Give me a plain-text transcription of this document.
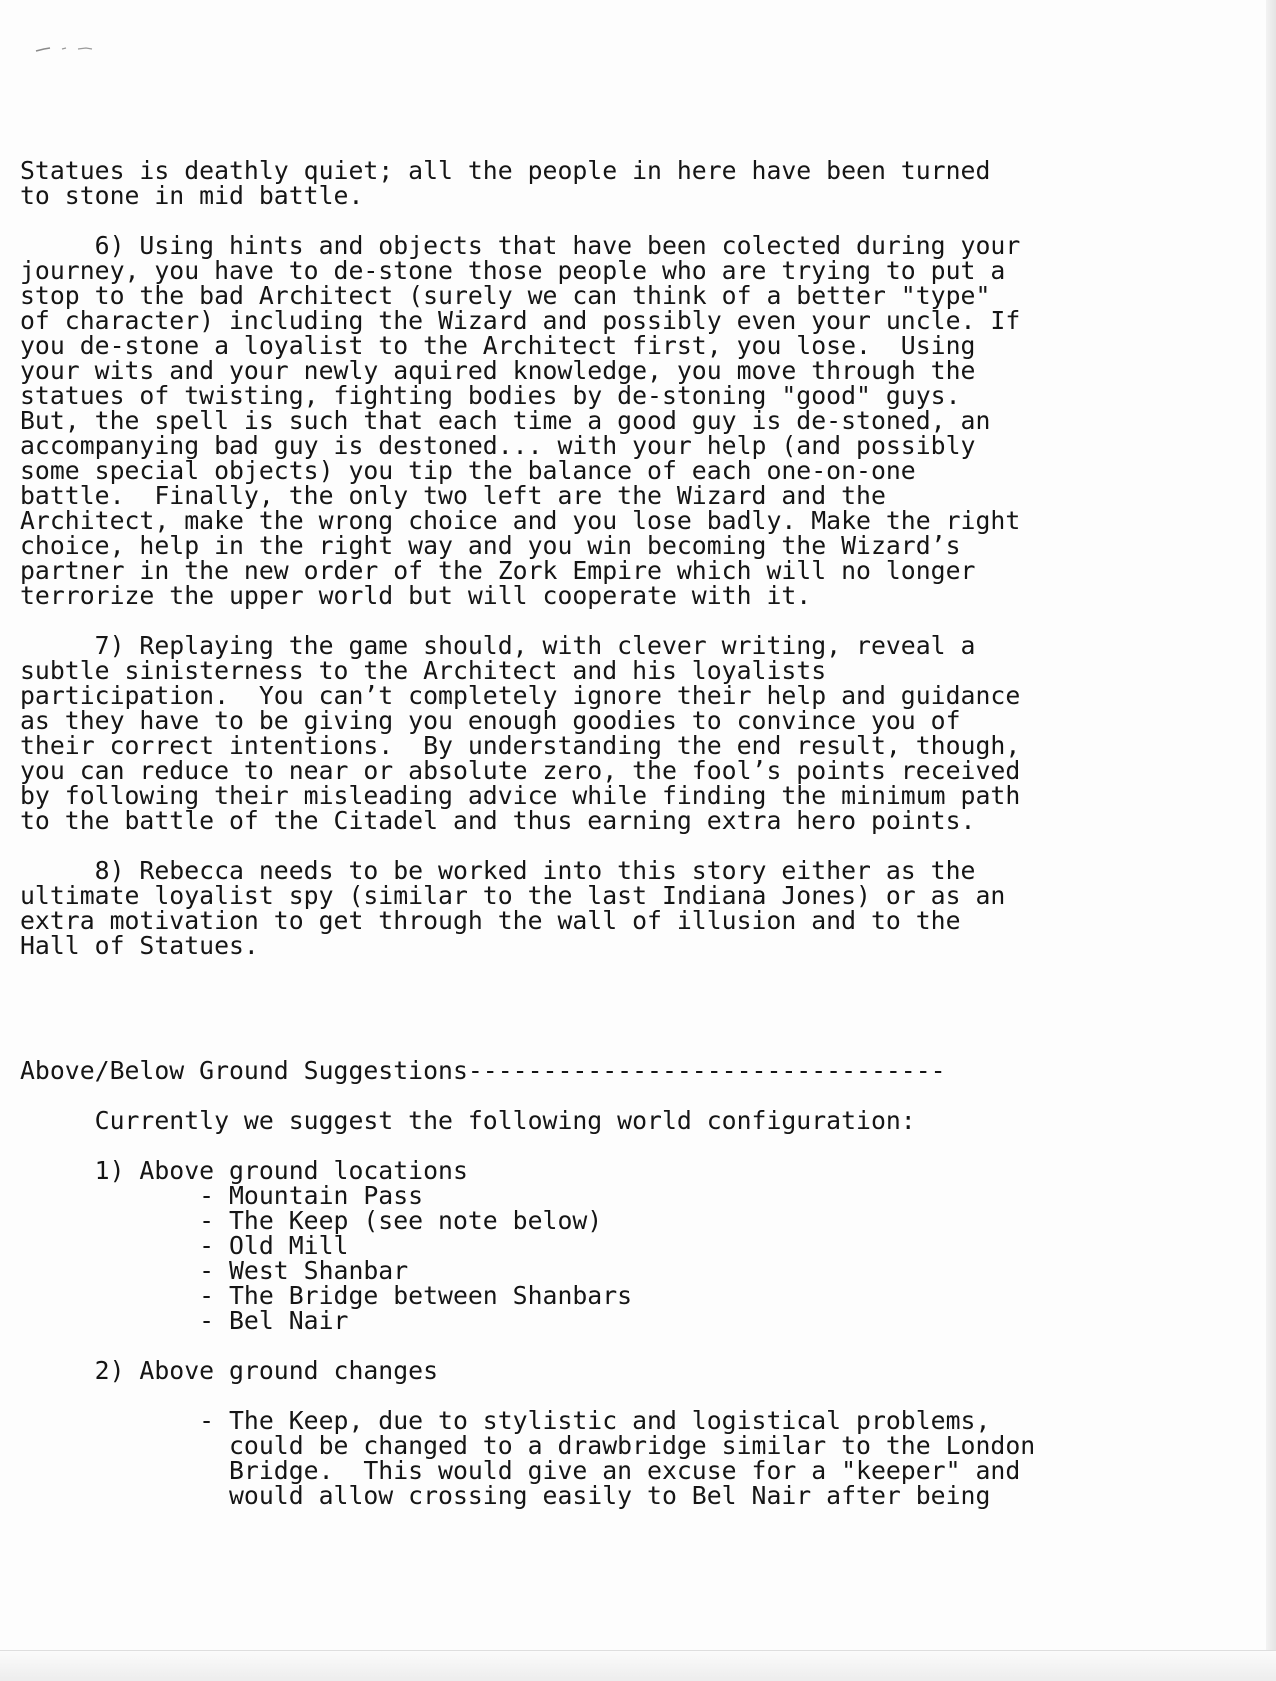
Statues is deathly quiet; all the people in here have been turned
to stone in mid battle.
6) Using hints and objects that have been colected during your
journey, you have to de-stone those people who are trying to put a
stop to the bad Architect (surely we can think of a better "type"
of character) including the Wizard and possibly even your uncle. If
you de-stone a loyalist to the Architect first, you lose.  Using
your wits and your newly aquired knowledge, you move through the
statues of twisting, fighting bodies by de-stoning "good" guys.
But, the spell is such that each time a good guy is de-stoned, an
accompanying bad guy is destoned... with your help (and possibly
some special objects) you tip the balance of each one-on-one
battle.  Finally, the only two left are the Wizard and the
Architect, make the wrong choice and you lose badly. Make the right
choice, help in the right way and you win becoming the Wizard’s
partner in the new order of the Zork Empire which will no longer
terrorize the upper world but will cooperate with it.
7) Replaying the game should, with clever writing, reveal a
subtle sinisterness to the Architect and his loyalists
participation.  You can’t completely ignore their help and guidance
as they have to be giving you enough goodies to convince you of
their correct intentions.  By understanding the end result, though,
you can reduce to near or absolute zero, the fool’s points received
by following their misleading advice while finding the minimum path
to the battle of the Citadel and thus earning extra hero points.
8) Rebecca needs to be worked into this story either as the
ultimate loyalist spy (similar to the last Indiana Jones) or as an
extra motivation to get through the wall of illusion and to the
Hall of Statues.
Above/Below Ground Suggestions--------------------------------
Currently we suggest the following world configuration:
1) Above ground locations
- Mountain Pass
- The Keep (see note below)
- Old Mill
- West Shanbar
- The Bridge between Shanbars
- Bel Nair
2) Above ground changes
- The Keep, due to stylistic and logistical problems,
could be changed to a drawbridge similar to the London
Bridge.  This would give an excuse for a "keeper" and
would allow crossing easily to Bel Nair after being
